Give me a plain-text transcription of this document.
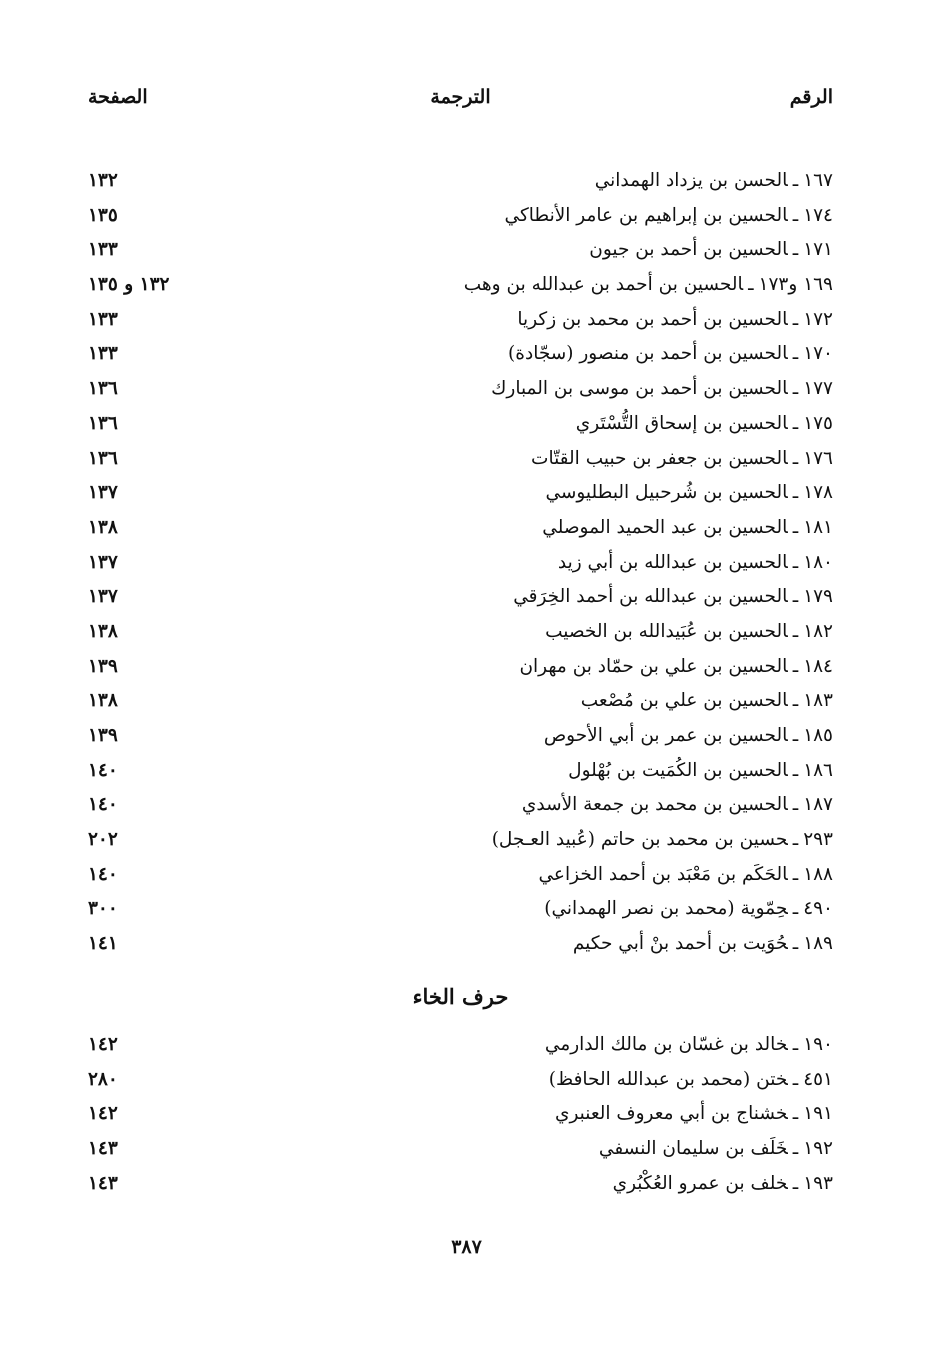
الرقم
الترجمة
الصفحة
١٦٧ـالحسن بن يزداد الهمداني
١٣٢
١٧٤ـالحسين بن إبراهيم بن عامر الأنطاكي
١٣٥
١٧١ـالحسين بن أحمد بن جيون
١٣٣
١٦٩ و١٧٣ـالحسين بن أحمد بن عبدالله بن وهب
١٣٢ و ١٣٥
١٧٢ـالحسين بن أحمد بن محمد بن زكريا
١٣٣
١٧٠ـالحسين بن أحمد بن منصور (سجّادة)
١٣٣
١٧٧ـالحسين بن أحمد بن موسى بن المبارك
١٣٦
١٧٥ـالحسين بن إسحاق التُّسْتَري
١٣٦
١٧٦ـالحسين بن جعفر بن حبيب القتّات
١٣٦
١٧٨ـالحسين بن شُرحبيل البطليوسي
١٣٧
١٨١ـالحسين بن عبد الحميد الموصلي
١٣٨
١٨٠ـالحسين بن عبدالله بن أبي زيد
١٣٧
١٧٩ـالحسين بن عبدالله بن أحمد الخِرَقي
١٣٧
١٨٢ـالحسين بن عُبَيدالله بن الخصيب
١٣٨
١٨٤ـالحسين بن علي بن حمّاد بن مهران
١٣٩
١٨٣ـالحسين بن علي بن مُصْعب
١٣٨
١٨٥ـالحسين بن عمر بن أبي الأحوص
١٣٩
١٨٦ـالحسين بن الكُمَيت بن بُهْلول
١٤٠
١٨٧ـالحسين بن محمد بن جمعة الأسدي
١٤٠
٢٩٣ـحسين بن محمد بن حاتم (عُبيد العـجل)
٢٠٢
١٨٨ـالحَكَم بن مَعْبَد بن أحمد الخزاعي
١٤٠
٤٩٠ـحِمّوية (محمد بن نصر الهمداني)
٣٠٠
١٨٩ـحُوَيت بن أحمد بنْ أبي حكيم
١٤١
حرف الخاء
١٩٠ـخالد بن غسّان بن مالك الدارمي
١٤٢
٤٥١ـختن (محمد بن عبدالله الحافظ)
٢٨٠
١٩١ـخشناج بن أبي معروف العنبري
١٤٢
١٩٢ـخَلَف بن سليمان النسفي
١٤٣
١٩٣ـخلف بن عمرو العُكْبُري
١٤٣
٣٨٧
